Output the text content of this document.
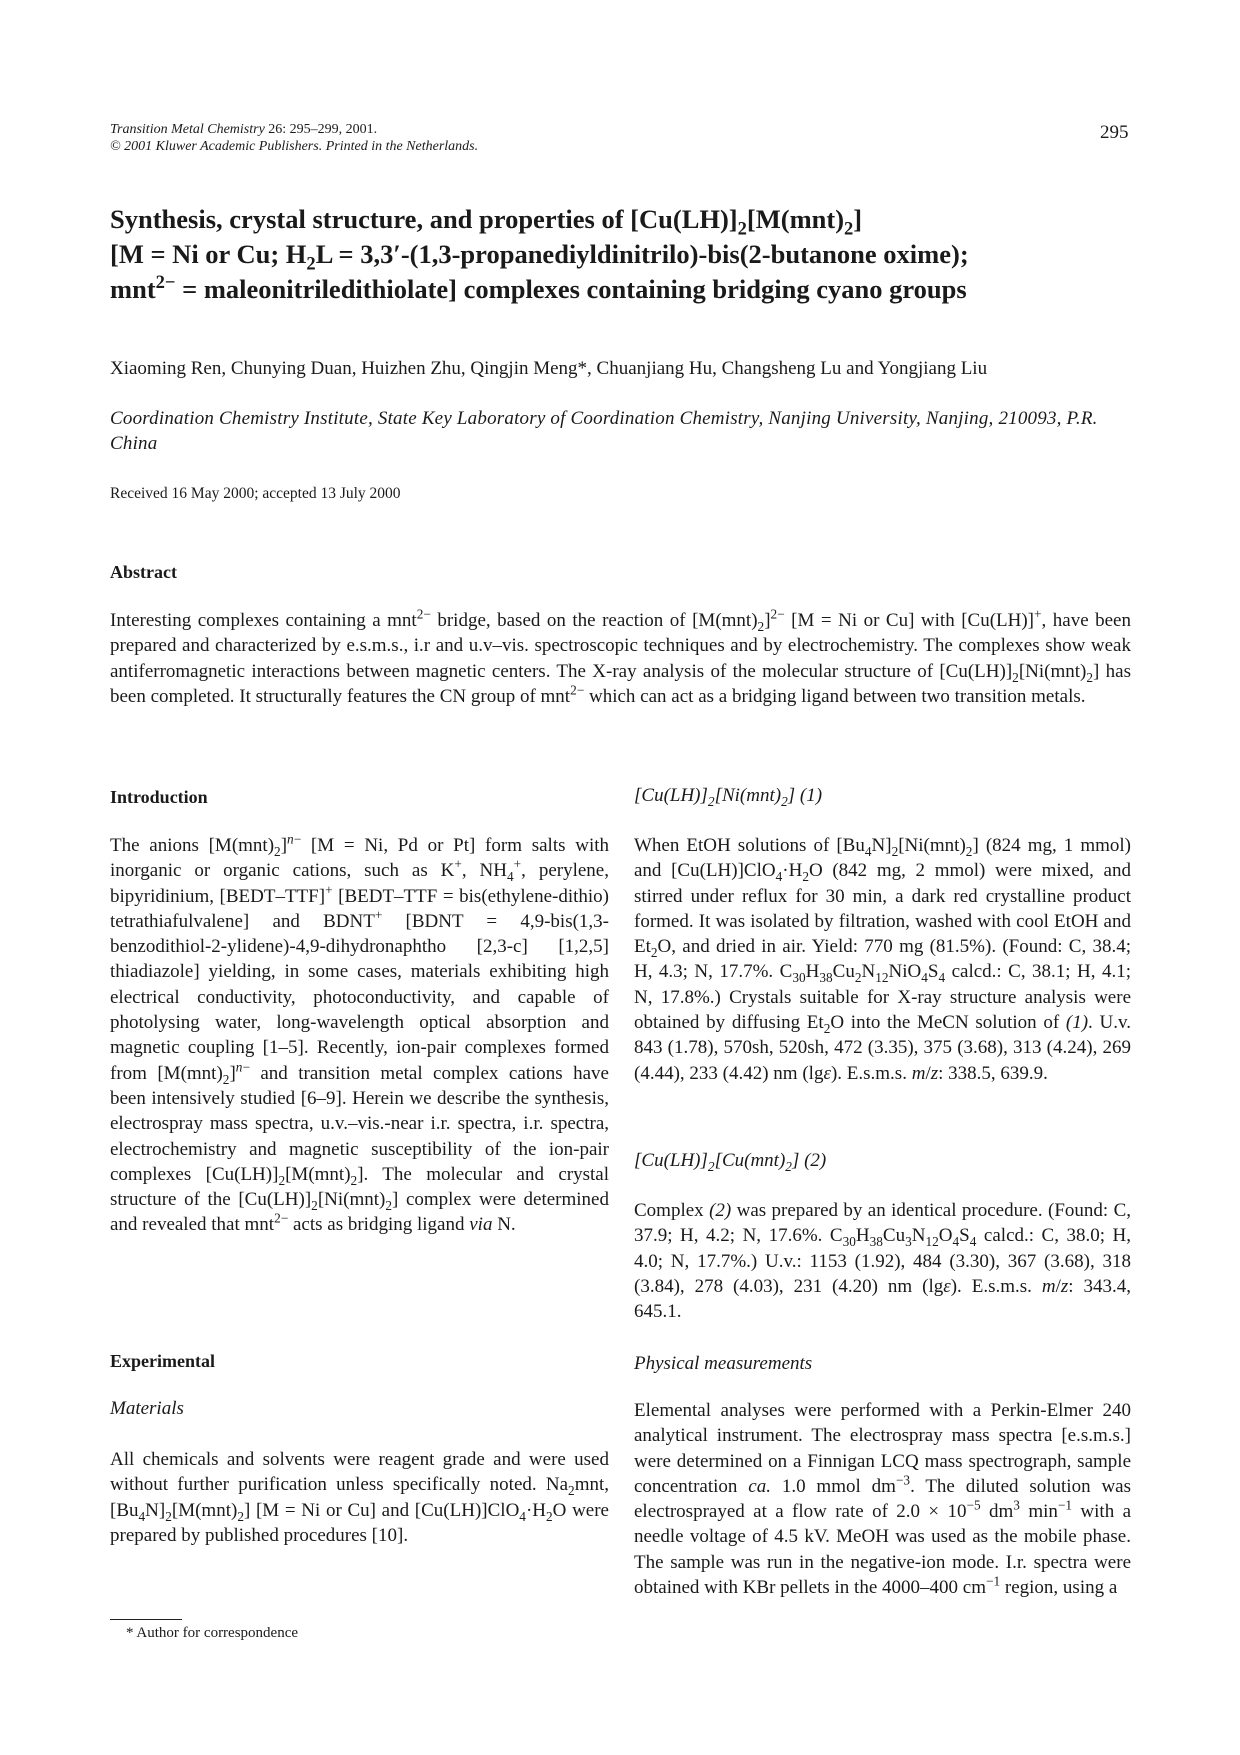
Transition Metal Chemistry 26: 295–299, 2001.
© 2001 Kluwer Academic Publishers. Printed in the Netherlands.
295
Synthesis, crystal structure, and properties of $[Cu(LH)]_2[M(mnt)_2]$
[M = Ni or Cu; $H_2L$ = 3,3′-(1,3-propanediyldinitrilo)-bis(2-butanone oxime);
mnt$^{2-}$ = maleonitriledithiolate] complexes containing bridging cyano groups
Xiaoming Ren, Chunying Duan, Huizhen Zhu, Qingjin Meng*, Chuanjiang Hu, Changsheng Lu and Yongjiang Liu
Coordination Chemistry Institute, State Key Laboratory of Coordination Chemistry, Nanjing University, Nanjing, 210093, P.R. China
Received 16 May 2000; accepted 13 July 2000
Abstract

Interesting complexes containing a mnt$^{2-}$ bridge, based on the reaction of $[M(mnt)_2]^{2-}$ [M = Ni or Cu] with [Cu(LH)]+, have been prepared and characterized by e.s.m.s., i.r and u.v–vis. spectroscopic techniques and by electrochemistry. The complexes show weak antiferromagnetic interactions between magnetic centers. The X-ray analysis of the molecular structure of $[Cu(LH)]_2[Ni(mnt)_2]$ has been completed. It structurally features the CN group of mnt$^{2-}$ which can act as a bridging ligand between two transition metals.

Introduction

The anions $[M(mnt)_2]^{n-}$ [M = Ni, Pd or Pt] form salts with inorganic or organic cations, such as K+, $NH_4^+$, perylene, bipyridinium, [BEDT–TTF]+ [BEDT–TTF = bis(ethylene-dithio) tetrathiafulvalene] and BDNT+ [BDNT = 4,9-bis(1,3-benzodithiol-2-ylidene)-4,9-dihydronaphtho [2,3-c] [1,2,5] thiadiazole] yielding, in some cases, materials exhibiting high electrical conductivity, photoconductivity, and capable of photolysing water, long-wavelength optical absorption and magnetic coupling [1–5]. Recently, ion-pair complexes formed from $[M(mnt)_2]^{n-}$ and transition metal complex cations have been intensively studied [6–9]. Herein we describe the synthesis, electrospray mass spectra, u.v.–vis.-near i.r. spectra, i.r. spectra, electrochemistry and magnetic susceptibility of the ion-pair complexes $[Cu(LH)]_2[M(mnt)_2]$. The molecular and crystal structure of the $[Cu(LH)]_2[Ni(mnt)_2]$ complex were determined and revealed that mnt$^{2-}$ acts as bridging ligand via N.

Experimental
Materials

All chemicals and solvents were reagent grade and were used without further purification unless specifically noted. $Na_2mnt$, $[Bu_4N]_2[M(mnt)_2] [M = Ni$ or Cu] and $[Cu(LH)]ClO_4\cdot H_2O$ were prepared by published procedures [10].

* Author for correspondence
$[Cu(LH)]_2[Ni(mnt)_2]$ (1)

When EtOH solutions of $[Bu_4N]_2[Ni(mnt)_2]$ (824 mg, 1 mmol) and $[Cu(LH)]ClO_4\cdot H_2O$ (842 mg, 2 mmol) were mixed, and stirred under reflux for 30 min, a dark red crystalline product formed. It was isolated by filtration, washed with cool EtOH and $Et_2O$, and dried in air. Yield: 770 mg (81.5%). (Found: C, 38.4; H, 4.3; N, 17.7%. $C_{30}H_{38}Cu_2N_{12}NiO_4S_4$ calcd.: C, 38.1; H, 4.1; N, 17.8%.) Crystals suitable for X-ray structure analysis were obtained by diffusing $Et_2O$ into the MeCN solution of (1). U.v. 843 (1.78), 570sh, 520sh, 472 (3.35), 375 (3.68), 313 (4.24), 269 (4.44), 233 (4.42) nm (lgε). E.s.m.s. m/z: 338.5, 639.9.

$[Cu(LH)]_2[Cu(mnt)_2]$ (2)

Complex (2) was prepared by an identical procedure. (Found: C, 37.9; H, 4.2; N, 17.6%. $C_{30}H_{38}Cu_3N_{12}O_4S_4$ calcd.: C, 38.0; H, 4.0; N, 17.7%.) U.v.: 1153 (1.92), 484 (3.30), 367 (3.68), 318 (3.84), 278 (4.03), 231 (4.20) nm (lgε). E.s.m.s. m/z: 343.4, 645.1.

Physical measurements

Elemental analyses were performed with a Perkin-Elmer 240 analytical instrument. The electrospray mass spectra [e.s.m.s.] were determined on a Finnigan LCQ mass spectrograph, sample concentration ca. 1.0 mmol $dm^{-3}$. The diluted solution was electrosprayed at a flow rate of $2.0 \times 10^{-5}$ $dm^3$ $\min^{-1}$ with a needle voltage of 4.5 kV. MeOH was used as the mobile phase. The sample was run in the negative-ion mode. I.r. spectra were obtained with KBr pellets in the 4000–400 $cm^{-1}$ region, using a
